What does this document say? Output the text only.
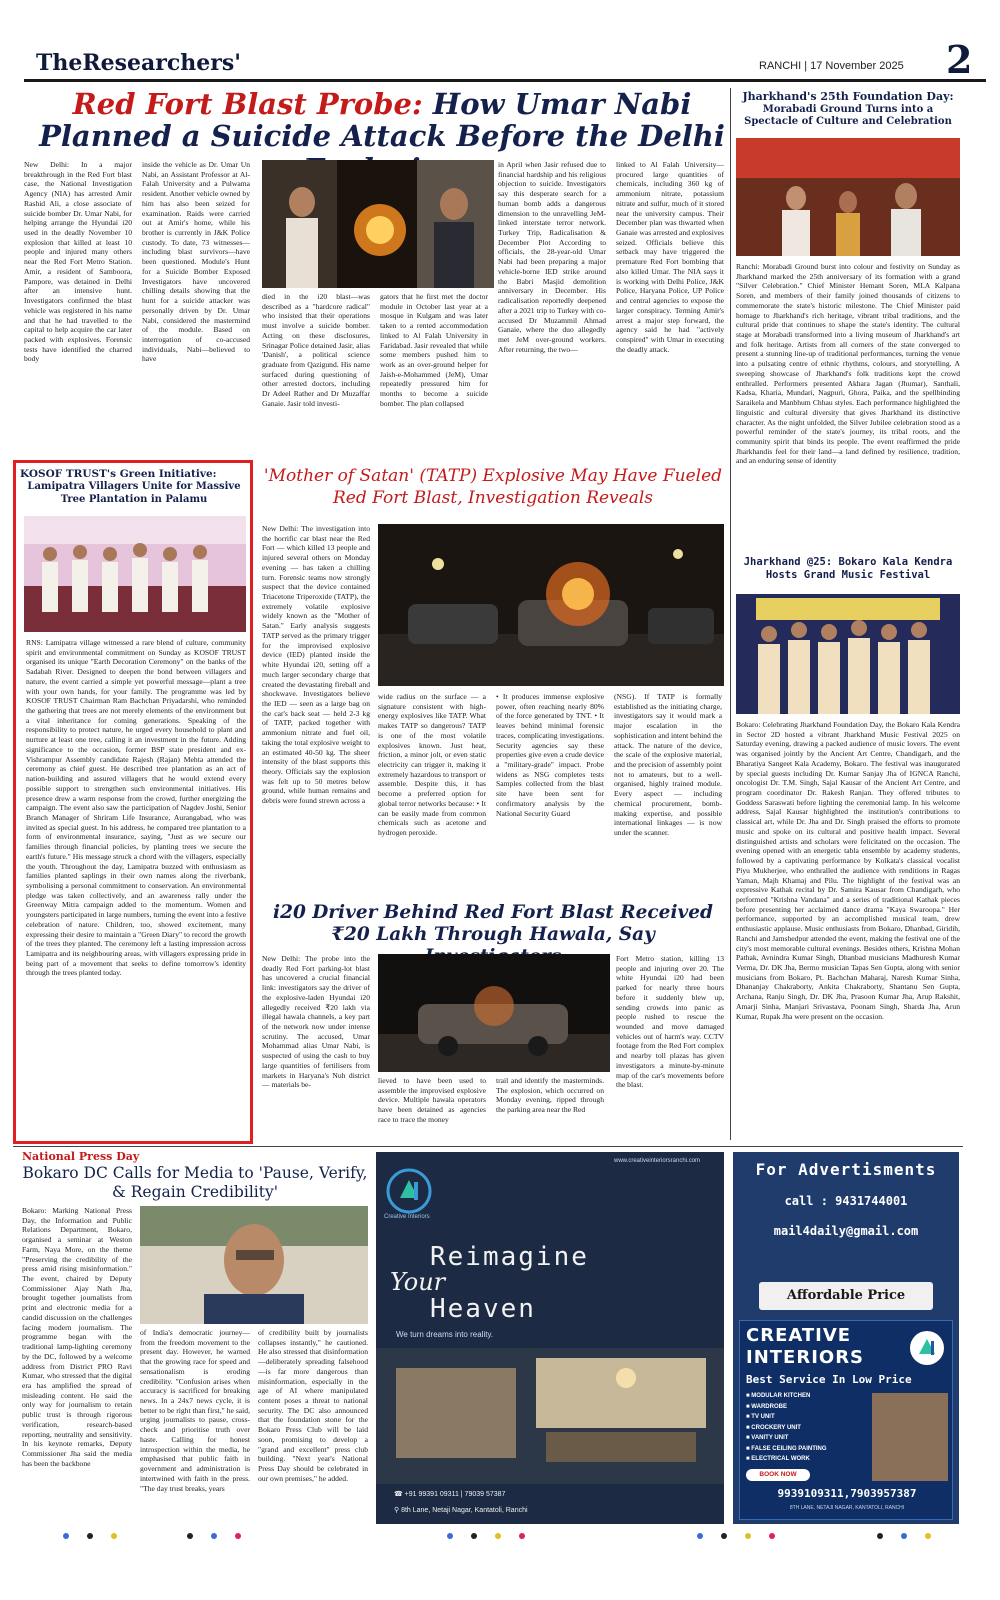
TheResearchers'	RANCHI | 17 November 2025 2
Red Fort Blast Probe: How Umar Nabi Planned a Suicide Attack Before the Delhi
New Delhi: In a major breakthrough in the Red Fort blast case, the National Investigation Agency (NIA) has arrested Amir Rashid Ali, a close associate of suicide bomber Dr. Umar Nabi, for helping arrange the Hyundai i20 used in the deadly November 10 explosion that killed at least 10 people and injured many others near the Red Fort Metro Station. Amir, a resident of Samboora, Pampore, was detained in Delhi after an intensive hunt. Investigators confirmed the blast vehicle was registered in his name and that he had travelled to the capital to help acquire the car later packed with explosives. Forensic tests have identified the charred body
inside the vehicle as Dr. Umar Un Nabi, an Assistant Professor at Al-Falah University and a Pulwama resident. Another vehicle owned by him has also been seized for examination. Raids were carried out at Amir's home, while his brother is currently in J&K Police custody. To date, 73 witnesses—including blast survivors—have been questioned. Module's Hunt for a Suicide Bomber Exposed Investigators have uncovered chilling details showing that the hunt for a suicide attacker was personally driven by Dr. Umar Nabi, considered the mastermind of the module. Based on interrogation of co-accused individuals, Nabi—believed to have
died in the i20 blast—was described as a "hardcore radical" who insisted that their operations must involve a suicide bomber. Acting on these disclosures, Srinagar Police detained Jasir, alias 'Danish', a political science graduate from Qazigund. His name surfaced during questioning of other arrested doctors, including Dr Adeel Rather and Dr Muzaffar Ganaie. Jasir told investi-
gators that he first met the doctor module in October last year at a mosque in Kulgam and was later taken to a rented accommodation linked to Al Falah University in Faridabad. Jasir revealed that while some members pushed him to work as an over-ground helper for Jaish-e-Mohammed (JeM), Umar repeatedly pressured him for months to become a suicide bomber. The plan collapsed
in April when Jasir refused due to financial hardship and his religious objection to suicide. Investigators say this desperate search for a human bomb adds a dangerous dimension to the unravelling JeM-linked interstate terror network. Turkey Trip, Radicalisation & December Plot According to officials, the 28-year-old Umar Nabi had been preparing a major vehicle-borne IED strike around the Babri Masjid demolition anniversary in December. His radicalisation reportedly deepened after a 2021 trip to Turkey with co-accused Dr Muzammil Ahmad Ganaie, where the duo allegedly met JeM over-ground workers. After returning, the two—
linked to Al Falah University—procured large quantities of chemicals, including 360 kg of ammonium nitrate, potassium nitrate and sulfur, much of it stored near the university campus. Their December plan was thwarted when Ganaie was arrested and explosives seized. Officials believe this setback may have triggered the premature Red Fort bombing that also killed Umar. The NIA says it is working with Delhi Police, J&K Police, Haryana Police, UP Police and central agencies to expose the larger conspiracy. Terming Amir's arrest a major step forward, the agency said he had "actively conspired" with Umar in executing the deadly attack.
Jharkhand's 25th Foundation Day:
Morabadi Ground Turns into a Spectacle of Culture and Celebration
Ranchi: Morabadi Ground burst into colour and festivity on Sunday as Jharkhand marked the 25th anniversary of its formation with a grand "Silver Celebration." Chief Minister Hemant Soren, MLA Kalpana Soren, and members of their family joined thousands of citizens to commemorate the state's historic milestone. The Chief Minister paid homage to Jharkhand's rich heritage, vibrant tribal traditions, and the cultural pride that continues to shape the state's identity. The cultural stage at Morabadi transformed into a living museum of Jharkhand's art and folk heritage. Artists from all corners of the state converged to present a stunning line-up of traditional performances, turning the venue into a pulsating centre of ethnic rhythms, colours, and storytelling. A sweeping showcase of Jharkhand's folk traditions kept the crowd enthralled. Performers presented Akhara Jagan (Jhumar), Santhali, Kadsa, Kharia, Mundari, Nagpuri, Ghora, Paika, and the spellbinding Saraikela and Manbhum Chhau styles. Each performance highlighted the linguistic and cultural diversity that gives Jharkhand its distinctive character. As the night unfolded, the Silver Jubilee celebration stood as a powerful reminder of the state's journey, its tribal roots, and the community spirit that binds its people. The event reaffirmed the pride Jharkhandis feel for their land—a land defined by resilience, tradition, and an enduring sense of identity
Jharkhand @25: Bokaro Kala Kendra Hosts Grand Music Festival
Bokaro: Celebrating Jharkhand Foundation Day, the Bokaro Kala Kendra in Sector 2D hosted a vibrant Jharkhand Music Festival 2025 on Saturday evening, drawing a packed audience of music lovers. The event was organised jointly by the Ancient Art Centre, Chandigarh, and the Bharatiya Sangeet Kala Academy, Bokaro. The festival was inaugurated by special guests including Dr. Kumar Sanjay Jha of IGNCA Ranchi, oncologist Dr. T.M. Singh, Sajal Kausar of the Ancient Art Centre, and program coordinator Dr. Rakesh Ranjan. They offered tributes to Goddess Saraswati before lighting the ceremonial lamp. In his welcome address, Sajal Kausar highlighted the institution's contributions to classical art, while Dr. Jha and Dr. Singh praised the efforts to promote music and spoke on its cultural and positive health impact. Several distinguished artists and scholars were felicitated on the occasion. The evening opened with an energetic tabla ensemble by academy students, followed by a captivating performance by Kolkata's classical vocalist Piyu Mukherjee, who enthralled the audience with renditions in Ragas Yaman, Majh Khamaj and Pilu. The highlight of the festival was an expressive Kathak recital by Dr. Samira Kausar from Chandigarh, who performed "Krishna Vandana" and a series of traditional Kathak pieces before presenting her acclaimed dance drama "Kaya Swaroopa." Her performance, supported by an accomplished musical team, drew enthusiastic applause. Music enthusiasts from Bokaro, Dhanbad, Giridih, Ranchi and Jamshedpur attended the event, making the festival one of the city's most memorable cultural evenings. Besides others, Krishna Mohan Pathak, Avnindra Kumar Singh, Dhanbad musicians Madhuresh Kumar Verma, Dr. DK Jha, Bermo musician Tapas Sen Gupta, along with senior musicians from Bokaro, Pt. Bachchan Maharaj, Naresh Kumar Sinha, Dhananjay Chakraborty, Ankita Chakraborty, Shantanu Sen Gupta, Archana, Ranju Singh, Dr. DK Jha, Prasoon Kumar Jha, Arup Rakshit, Amarji Sinha, Manjari Srivastava, Poonam Singh, Sharda Jha, Arun Kumar, Rupak Jha were present on the occasion.
KOSOF TRUST's Green Initiative:
Lamipatra Villagers Unite for Massive Tree Plantation in Palamu
RNS: Lamipatra village witnessed a rare blend of culture, community spirit and environmental commitment on Sunday as KOSOF TRUST organised its unique "Earth Decoration Ceremony" on the banks of the Sadabah River. Designed to deepen the bond between villagers and nature, the event carried a simple yet powerful message—plant a tree with your own hands, for your family. The programme was led by KOSOF TRUST Chairman Ram Bachchan Priyadarshi, who reminded the gathering that trees are not merely elements of the environment but a vital inheritance for coming generations. Speaking of the responsibility to protect nature, he urged every household to plant and nurture at least one tree, calling it an investment in the future. Adding significance to the occasion, former BSP state president and ex-Vishrampur Assembly candidate Rajesh (Rajan) Mehta attended the ceremony as chief guest. He described tree plantation as an act of nation-building and assured villagers that he would extend every possible support to strengthen such environmental initiatives. His presence drew a warm response from the crowd, further energizing the campaign. The event also saw the participation of Nagdev Joshi, Senior Branch Manager of Shriram Life Insurance, Aurangabad, who was invited as special guest. In his address, he compared tree plantation to a form of environmental insurance, saying, "Just as we secure our families through financial policies, by planting trees we secure the earth's future." His message struck a chord with the villagers, especially the youth. Throughout the day, Lamipatra buzzed with enthusiasm as families planted saplings in their own names along the riverbank, symbolising a personal commitment to conservation. An environmental pledge was taken collectively, and an awareness rally under the Greenway Mitra campaign added to the momentum. Women and youngsters participated in large numbers, turning the event into a festive celebration of nature. Children, too, showed excitement, many expressing their desire to maintain a "Green Diary" to record the growth of the trees they planted. The ceremony left a lasting impression across Lamipatra and its neighbouring areas, with villagers expressing pride in being part of a movement that seeks to define tomorrow's identity through the trees planted today.
'Mother of Satan' (TATP) Explosive May Have Fueled Red Fort Blast, Investigation Reveals
New Delhi: The investigation into the horrific car blast near the Red Fort — which killed 13 people and injured several others on Monday evening — has taken a chilling turn. Forensic teams now strongly suspect that the device contained Triacetone Triperoxide (TATP), the extremely volatile explosive widely known as the "Mother of Satan." Early analysis suggests TATP served as the primary trigger for the improvised explosive device (IED) planted inside the white Hyundai i20, setting off a much larger secondary charge that created the devastating fireball and shockwave. Investigators believe the IED — seen as a large bag on the car's back seat — held 2-3 kg of TATP, packed together with ammonium nitrate and fuel oil, taking the total explosive weight to an estimated 40-50 kg. The sheer intensity of the blast supports this theory. Officials say the explosion was felt up to 50 metres below ground, while human remains and debris were found strewn across a
wide radius on the surface — a signature consistent with high-energy explosives like TATP. What makes TATP so dangerous? TATP is one of the most volatile explosives known. Just heat, friction, a minor jolt, or even static electricity can trigger it, making it extremely hazardous to transport or assemble. Despite this, it has become a preferred option for global terror networks because: • It can be easily made from common chemicals such as acetone and hydrogen peroxide.
• It produces immense explosive power, often reaching nearly 80% of the force generated by TNT. • It leaves behind minimal forensic traces, complicating investigations. Security agencies say these properties give even a crude device a "military-grade" impact. Probe widens as NSG completes tests Samples collected from the blast site have been sent for confirmatory analysis by the National Security Guard
(NSG). If TATP is formally established as the initiating charge, investigators say it would mark a major escalation in the sophistication and intent behind the attack. The nature of the device, the scale of the explosive material, and the precision of assembly point not to amateurs, but to a well-organised, highly trained module. Every aspect — including chemical procurement, bomb-making expertise, and possible international linkages — is now under the scanner.
i20 Driver Behind Red Fort Blast Received ₹20 Lakh Through Hawala, Say
New Delhi: The probe into the deadly Red Fort parking-lot blast has uncovered a crucial financial link: investigators say the driver of the explosive-laden Hyundai i20 allegedly received ₹20 lakh via illegal hawala channels, a key part of the network now under intense scrutiny. The accused, Umar Mohammad alias Umar Nabi, is suspected of using the cash to buy large quantities of fertilisers from markets in Haryana's Nuh district — materials be-	lieved to have been used to assemble the improvised explosive device. Multiple hawala operators have been detained as agencies race to trace the money
trail and identify the masterminds. The explosion, which occurred on Monday evening, ripped through the parking area near the Red
Fort Metro station, killing 13 people and injuring over 20. The white Hyundai i20 had been parked for nearly three hours before it suddenly blew up, sending crowds into panic as people rushed to rescue the wounded and move damaged vehicles out of harm's way. CCTV footage from the Red Fort complex and nearby toll plazas has given investigators a minute-by-minute map of the car's movements before the blast.
National Press Day
Bokaro DC Calls for Media to 'Pause, Verify, & Regain Credibility'
Bokaro: Marking National Press Day, the Information and Public Relations Department, Bokaro, organised a seminar at Weston Farm, Naya More, on the theme "Preserving the credibility of the press amid rising misinformation." The event, chaired by Deputy Commissioner Ajay Nath Jha, brought together journalists from print and electronic media for a candid discussion on the challenges facing modern journalism. The programme began with the traditional lamp-lighting ceremony by the DC, followed by a welcome address from District PRO Ravi Kumar, who stressed that the digital era has amplified the spread of misleading content. He said the only way for journalism to retain public trust is through rigorous verification, research-based reporting, neutrality and sensitivity. In his keynote remarks, Deputy Commissioner Jha said the media has been the backbone
of India's democratic journey—from the freedom movement to the present day. However, he warned that the growing race for speed and sensationalism is eroding credibility. "Confusion arises when accuracy is sacrificed for breaking news. In a 24x7 news cycle, it is better to be right than first," he said, urging journalists to pause, cross-check and prioritise truth over haste. Calling for honest introspection within the media, he emphasised that public faith in government and administration is intertwined with faith in the press. "The day trust breaks, years
of credibility built by journalists collapses instantly," he cautioned. He also stressed that disinformation—deliberately spreading falsehood—is far more dangerous than misinformation, especially in the age of AI where manipulated content poses a threat to national security. The DC also announced that the foundation stone for the Bokaro Press Club will be laid soon, promising to develop a "grand and excellent" press club building. "Next year's National Press Day should be celebrated in our own premises," he added.
www.creativeinteriorsranchi.com
Creative Interiors
Reimagine
Your
Heaven
We turn dreams into reality.
☎ +91 99391 09311 | 79039 57387
⚲ 8th Lane, Netaji Nagar, Kantatoli, Ranchi
For Advertisments
call : 9431744001
mail4daily@gmail.com
Affordable Price
CREATIVE
INTERIORS
Best Service In Low Price
■ MODULAR KITCHEN
■ WARDROBE
■ TV UNIT
■ CROCKERY UNIT
■ VANITY UNIT
■ FALSE CEILING PAINTING
■ ELECTRICAL WORK
BOOK NOW
9939109311,7903957387
8TH LANE, NETAJI NAGAR, KANTATOLI, RANCHI
